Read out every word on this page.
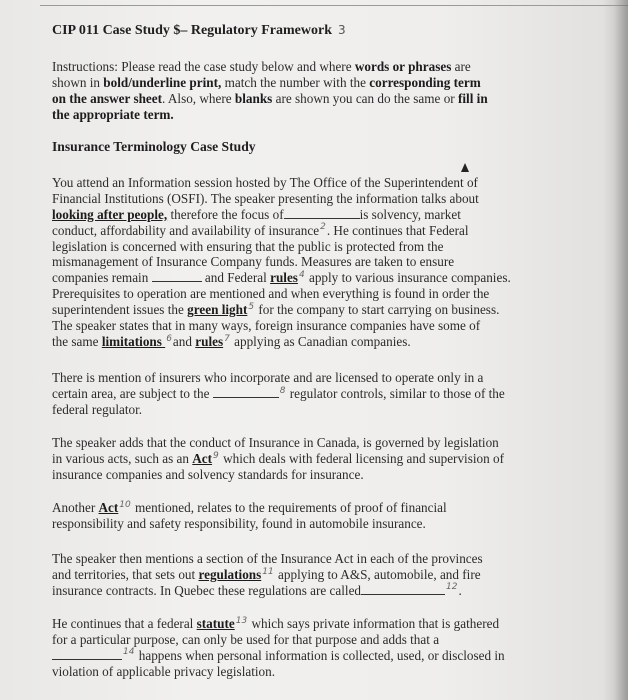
CIP 011 Case Study $– Regulatory Framework 3
Instructions: Please read the case study below and where words or phrases are
shown in bold/underline print, match the number with the corresponding term
on the answer sheet. Also, where blanks are shown you can do the same or fill in
the appropriate term.
Insurance Terminology Case Study
You attend an Information session hosted by The Office of the Superintendent of
Financial Institutions (OSFI). The speaker presenting the information talks about
looking after people, therefore the focus of	is solvency, market
conduct, affordability and availability of insurance2. He continues that Federal
legislation is concerned with ensuring that the public is protected from the
mismanagement of Insurance Company funds. Measures are taken to ensure
companies remain	and Federal rules4 apply to various insurance companies.
Prerequisites to operation are mentioned and when everything is found in order the
superintendent issues the green light5 for the company to start carrying on business.
The speaker states that in many ways, foreign insurance companies have some of
the same limitations 6and rules7 applying as Canadian companies.
There is mention of insurers who incorporate and are licensed to operate only in a
certain area, are subject to the	8 regulator controls, similar to those of the
federal regulator.
The speaker adds that the conduct of Insurance in Canada, is governed by legislation
in various acts, such as an Act9 which deals with federal licensing and supervision of
insurance companies and solvency standards for insurance.
Another Act10 mentioned, relates to the requirements of proof of financial
responsibility and safety responsibility, found in automobile insurance.
The speaker then mentions a section of the Insurance Act in each of the provinces
and territories, that sets out regulations11 applying to A&S, automobile, and fire
insurance contracts. In Quebec these regulations are called	12.
He continues that a federal statute13 which says private information that is gathered
for a particular purpose, can only be used for that purpose and adds that a
14 happens when personal information is collected, used, or disclosed in
violation of applicable privacy legislation.
